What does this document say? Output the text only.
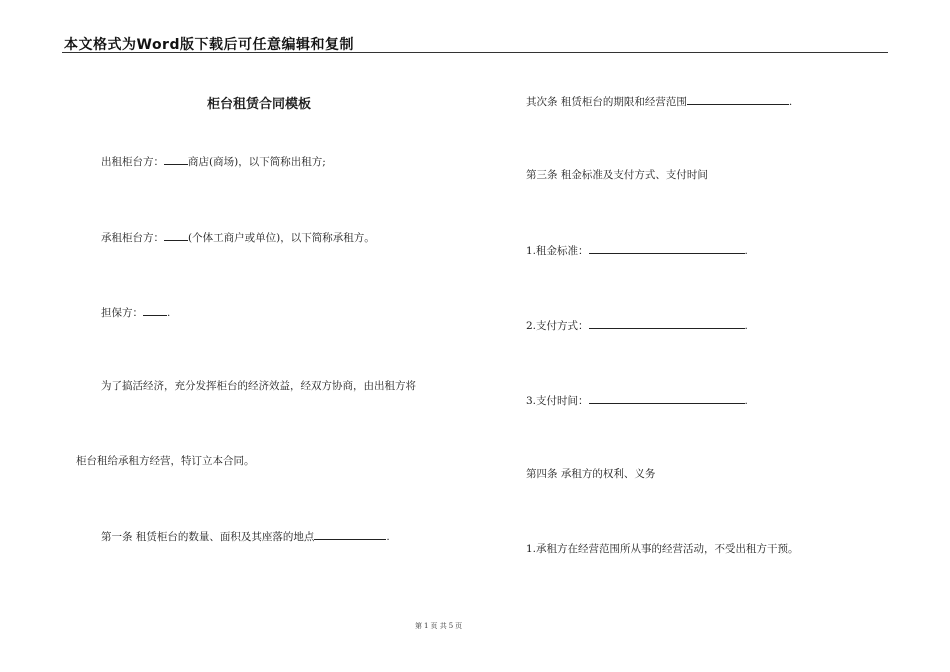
本文格式为Word版下载后可任意编辑和复制
柜台租赁合同模板
出租柜台方： 商店(商场)，以下简称出租方;
承租柜台方： (个体工商户或单位)，以下简称承租方。
担保方： .
为了搞活经济，充分发挥柜台的经济效益，经双方协商，由出租方将
柜台租给承租方经营，特订立本合同。
第一条 租赁柜台的数量、面积及其座落的地点	.
其次条 租赁柜台的期限和经营范围	.
第三条 租金标准及支付方式、支付时间
1.租金标准：	.
2.支付方式：	.
3.支付时间：	.
第四条 承租方的权利、义务
1.承租方在经营范围所从事的经营活动，不受出租方干预。
第 1 页 共 5 页
